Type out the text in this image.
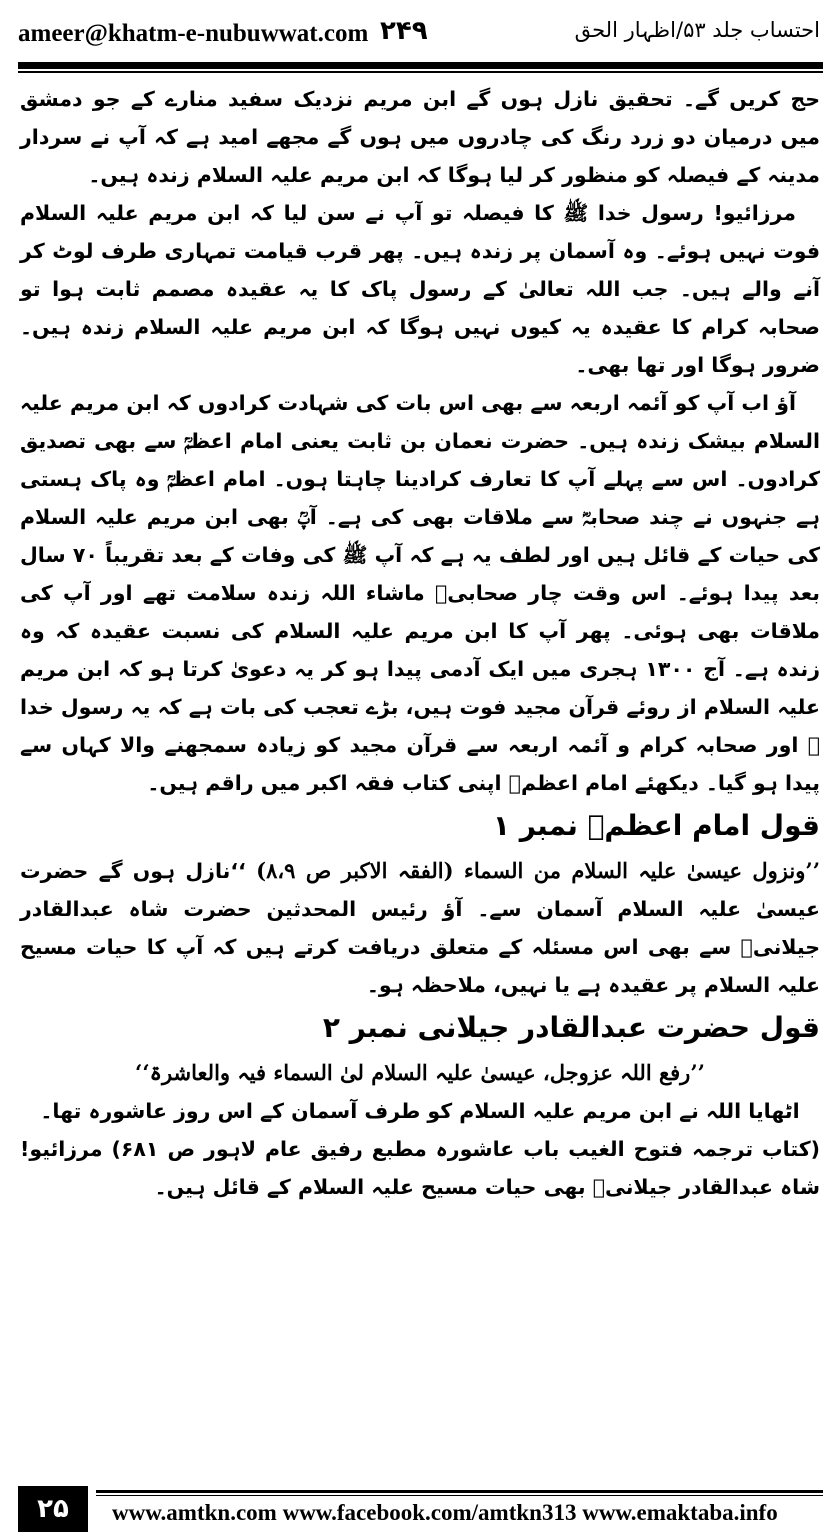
ameer@khatm-e-nubuwwat.com ۲۴۹	احتساب جلد ۵۳/اظہار الحق

حج کریں گے۔ تحقیق نازل ہوں گے ابن مریم نزدیک سفید منارے کے جو دمشق میں درمیان دو زرد رنگ کی چادروں میں ہوں گے مجھے امید ہے کہ آپ نے سردار مدینہ کے فیصلہ کو منظور کر لیا ہوگا کہ ابن مریم علیہ السلام زندہ ہیں۔

مرزائیو! رسول خدا ﷺ کا فیصلہ تو آپ نے سن لیا کہ ابن مریم علیہ السلام فوت نہیں ہوئے۔ وہ آسمان پر زندہ ہیں۔ پھر قرب قیامت تمہاری طرف لوٹ کر آنے والے ہیں۔ جب اللہ تعالیٰ کے رسول پاک کا یہ عقیدہ مصمم ثابت ہوا تو صحابہ کرام کا عقیدہ یہ کیوں نہیں ہوگا کہ ابن مریم علیہ السلام زندہ ہیں۔ ضرور ہوگا اور تھا بھی۔

آؤ اب آپ کو آئمہ اربعہ سے بھی اس بات کی شہادت کرادوں کہ ابن مریم علیہ السلام بیشک زندہ ہیں۔ حضرت نعمان بن ثابت یعنی امام اعظمؒ سے بھی تصدیق کرادوں۔ اس سے پہلے آپ کا تعارف کرادینا چاہتا ہوں۔ امام اعظمؒ وہ پاک ہستی ہے جنہوں نے چند صحابہؓ سے ملاقات بھی کی ہے۔ آپؒ بھی ابن مریم علیہ السلام کی حیات کے قائل ہیں اور لطف یہ ہے کہ آپ ﷺ کی وفات کے بعد تقریباً ۷۰ سال بعد پیدا ہوئے۔ اس وقت چار صحابیؓ ماشاء اللہ زندہ سلامت تھے اور آپ کی ملاقات بھی ہوئی۔ پھر آپ کا ابن مریم علیہ السلام کی نسبت عقیدہ کہ وہ زندہ ہے۔ آج ۱۳۰۰ ہجری میں ایک آدمی پیدا ہو کر یہ دعویٰ کرتا ہو کہ ابن مریم علیہ السلام از روئے قرآن مجید فوت ہیں، بڑے تعجب کی بات ہے کہ یہ رسول خدا ﷺ اور صحابہ کرام و آئمہ اربعہ سے قرآن مجید کو زیادہ سمجھنے والا کہاں سے پیدا ہو گیا۔ دیکھئے امام اعظمؒ اپنی کتاب فقہ اکبر میں راقم ہیں۔

قول امام اعظمؒ نمبر ۱

’’ونزول عیسیٰ علیہ السلام من السماء (الفقہ الاکبر ص ۸،۹) ‘‘نازل ہوں گے حضرت عیسیٰ علیہ السلام آسمان سے۔ آؤ رئیس المحدثین حضرت شاہ عبدالقادر جیلانیؒ سے بھی اس مسئلہ کے متعلق دریافت کرتے ہیں کہ آپ کا حیات مسیح علیہ السلام پر عقیدہ ہے یا نہیں، ملاحظہ ہو۔

قول حضرت عبدالقادر جیلانی نمبر ۲

’’رفع اللہ عزوجل، عیسیٰ علیہ السلام لیٰ السماء فیہ والعاشرۃ‘‘

اٹھایا اللہ نے ابن مریم علیہ السلام کو طرف آسمان کے اس روز عاشورہ تھا۔

(کتاب ترجمہ فتوح الغیب باب عاشورہ مطبع رفیق عام لاہور ص ۶۸۱) مرزائیو! شاہ عبدالقادر جیلانیؒ بھی حیات مسیح علیہ السلام کے قائل ہیں۔

۲۵	www.amtkn.com www.facebook.com/amtkn313 www.emaktaba.info
